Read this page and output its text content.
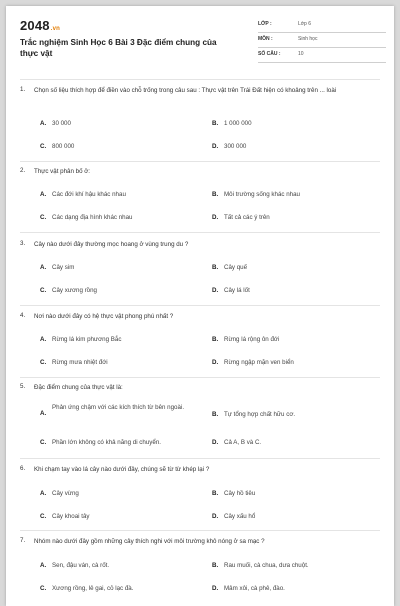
2048.vn
Trắc nghiệm Sinh Học 6 Bài 3 Đặc điểm chung của thực vật
LỚP :	Lớp 6
MÔN :	Sinh học
SỐ CÂU :	10
1. Chọn số liệu thích hợp để điền vào chỗ trống trong câu sau : Thực vật trên Trái Đất hiện có khoảng trên ... loài
A. 30 000	B. 1 000 000
C. 800 000	D. 300 000
2. Thực vật phân bố ở:
A. Các đới khí hậu khác nhau	B. Môi trường sống khác nhau
C. Các dạng địa hình khác nhau	D. Tất cả các ý trên
3. Cây nào dưới đây thường mọc hoang ở vùng trung du ?
A. Cây sim	B. Cây quế
C. Cây xương rồng	D. Cây lá lốt
4. Nơi nào dưới đây có hệ thực vật phong phú nhất ?
A. Rừng lá kim phương Bắc	B. Rừng lá rộng ôn đới
C. Rừng mưa nhiệt đới	D. Rừng ngập mặn ven biển
5. Đặc điểm chung của thực vật là:
A.
Phản ứng chậm với các kích thích từ bên ngoài.
B. Tự tổng hợp chất hữu cơ.
C. Phần lớn không có khả năng di chuyển.	D. Cả A, B và C.
6. Khi chạm tay vào lá cây nào dưới đây, chúng sẽ từ từ khép lại ?
A. Cây vừng	B. Cây hồ tiêu
C. Cây khoai tây	D. Cây xấu hổ
7. Nhóm nào dưới đây gồm những cây thích nghi với môi trường khô nóng ở sa mạc ?
A. Sen, đậu ván, cà rốt.	B. Rau muối, cà chua, dưa chuột.
C. Xương rồng, lê gai, cỏ lạc đà.	D. Mâm xôi, cà phê, đào.
